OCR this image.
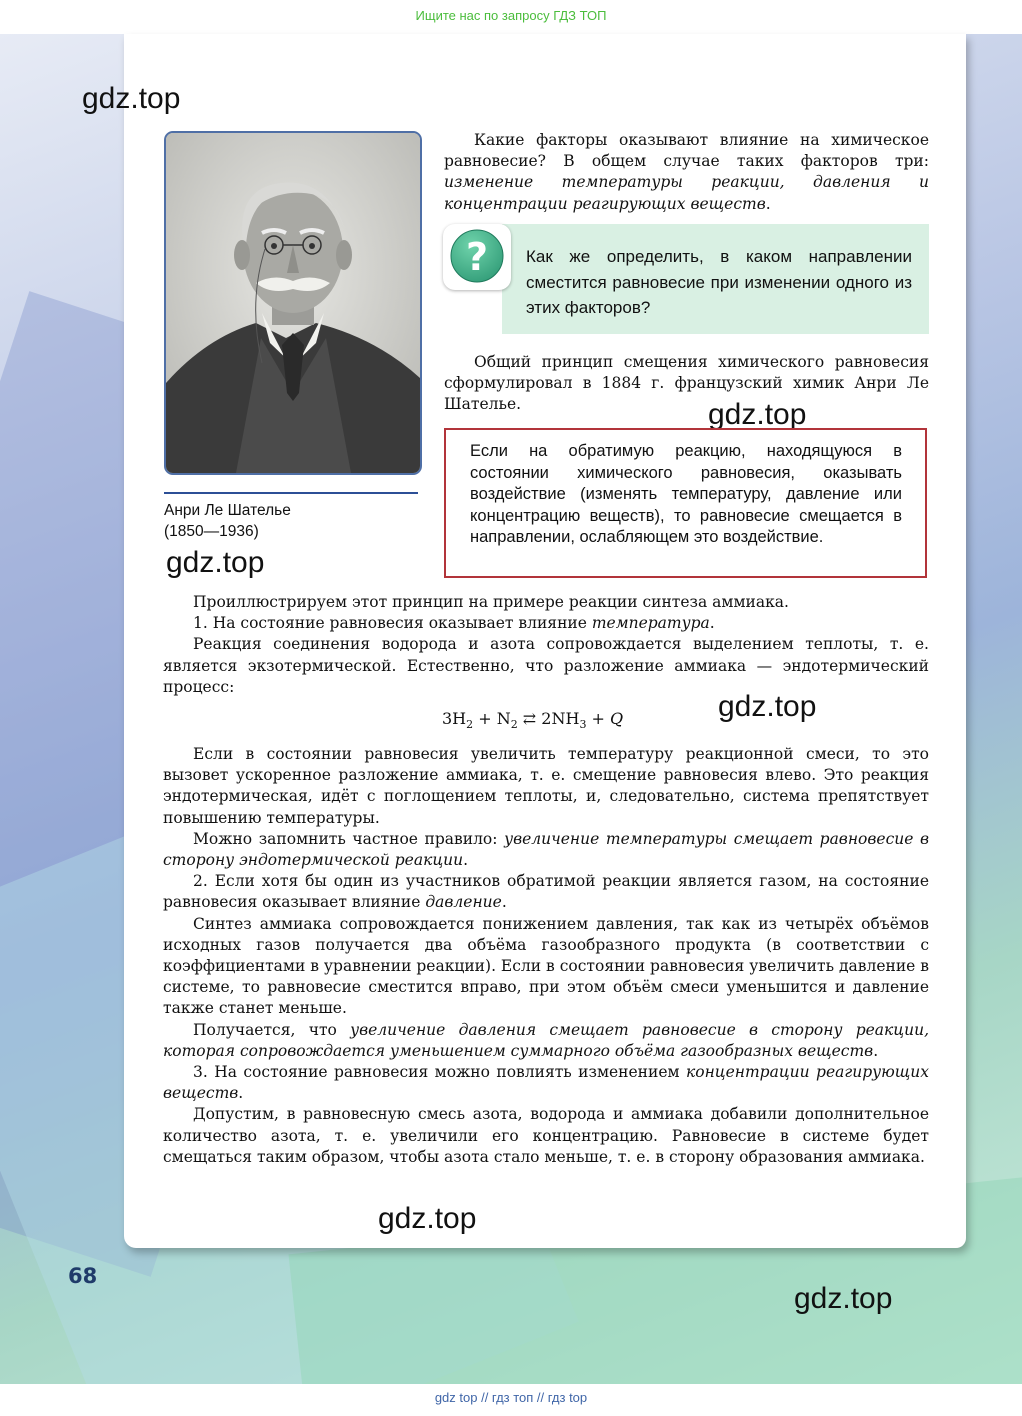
Ищите нас по запросу ГДЗ ТОП
gdz.top
gdz.top
gdz.top
gdz.top
gdz.top
gdz.top
Анри Ле Шателье
(1850—1936)

Какие факторы оказывают влияние на химическое равновесие? В общем случае таких факторов три: изменение температуры реакции, давления и концентрации реагирующих веществ.

? Как же определить, в каком направлении сместится равновесие при изменении одного из этих факторов?

Общий принцип смещения химического равновесия сформулировал в 1884 г. французский химик Анри Ле Шателье.

Если на обратимую реакцию, находящуюся в состоянии химического равновесия, оказывать воздействие (изменять температуру, давление или концентрацию веществ), то равновесие смещается в направлении, ослабляющем это воздействие.

Проиллюстрируем этот принцип на примере реакции синтеза аммиака.

1. На состояние равновесия оказывает влияние температура.

Реакция соединения водорода и азота сопровождается выделением теплоты, т. е. является экзотермической. Естественно, что разложение аммиака — эндотермический процесс:

$3H_2 + N_2$ ⇄ $2NH_3 + Q$

Если в состоянии равновесия увеличить температуру реакционной смеси, то это вызовет ускоренное разложение аммиака, т. е. смещение равновесия влево. Это реакция эндотермическая, идёт с поглощением теплоты, и, следовательно, система препятствует повышению температуры.

Можно запомнить частное правило: увеличение температуры смещает равновесие в сторону эндотермической реакции.

2. Если хотя бы один из участников обратимой реакции является газом, на состояние равновесия оказывает влияние давление.

Синтез аммиака сопровождается понижением давления, так как из четырёх объёмов исходных газов получается два объёма газообразного продукта (в соответствии с коэффициентами в уравнении реакции). Если в состоянии равновесия увеличить давление в системе, то равновесие сместится вправо, при этом объём смеси уменьшится и давление также станет меньше.

Получается, что увеличение давления смещает равновесие в сторону реакции, которая сопровождается уменьшением суммарного объёма газообразных веществ.

3. На состояние равновесия можно повлиять изменением концентрации реагирующих веществ.

Допустим, в равновесную смесь азота, водорода и аммиака добавили дополнительное количество азота, т. е. увеличили его концентрацию. Равновесие в системе будет смещаться таким образом, чтобы азота стало меньше, т. е. в сторону образования аммиака.

68
gdz top // гдз топ // гдз top
